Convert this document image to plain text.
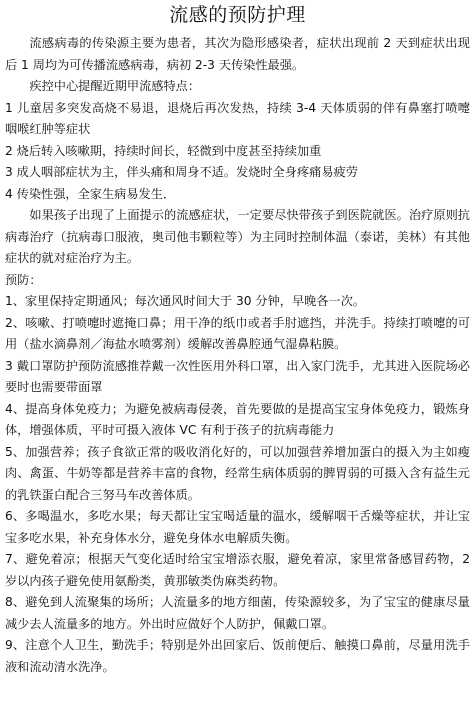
流感的预防护理

流感病毒的传染源主要为患者，其次为隐形感染者，症状出现前 2 天到症状出现后 1 周均为可传播流感病毒，病初 2-3 天传染性最强。

疾控中心提醒近期甲流感特点：

1 儿童居多突发高烧不易退，退烧后再次发热，持续 3-4 天体质弱的伴有鼻塞打喷嚏咽喉红肿等症状

2 烧后转入咳嗽期，持续时间长，轻微到中度甚至持续加重

3 成人咽部症状为主，伴头痛和周身不适。发烧时全身疼痛易疲劳

4 传染性强，全家生病易发生．

如果孩子出现了上面提示的流感症状，一定要尽快带孩子到医院就医。治疗原则抗病毒治疗（抗病毒口服液，奥司他韦颗粒等）为主同时控制体温（泰诺，美林）有其他症状的就对症治疗为主。

预防：

1、家里保持定期通风；每次通风时间大于 30 分钟，早晚各一次。

2、咳嗽、打喷嚏时遮掩口鼻；用干净的纸巾或者手肘遮挡，并洗手。持续打喷嚏的可用（盐水滴鼻剂／海盐水喷雾剂）缓解改善鼻腔通气湿鼻粘膜。

3 戴口罩防护预防流感推荐戴一次性医用外科口罩，出入家门洗手，尤其进入医院场必要时也需要带面罩

4、提高身体免疫力；为避免被病毒侵袭，首先要做的是提高宝宝身体免疫力，锻炼身体，增强体质，平时可摄入液体 VC 有利于孩子的抗病毒能力

5、加强营养；孩子食欲正常的吸收消化好的，可以加强营养增加蛋白的摄入为主如瘦肉、禽蛋、牛奶等都是营养丰富的食物，经常生病体质弱的脾胃弱的可摄入含有益生元的乳铁蛋白配合三努马车改善体质。

6、多喝温水，多吃水果；每天都让宝宝喝适量的温水，缓解咽干舌燥等症状，并让宝宝多吃水果，补充身体水分，避免身体水电解质失衡。

7、避免着凉；根据天气变化适时给宝宝增添衣服，避免着凉，家里常备感冒药物，2 岁以内孩子避免使用氨酚类，黄那敏类伪麻类药物。

8、避免到人流聚集的场所；人流量多的地方细菌，传染源较多，为了宝宝的健康尽量减少去人流量多的地方。外出时应做好个人防护，佩戴口罩。

9、注意个人卫生，勤洗手；特别是外出回家后、饭前便后、触摸口鼻前，尽量用洗手液和流动清水洗净。
